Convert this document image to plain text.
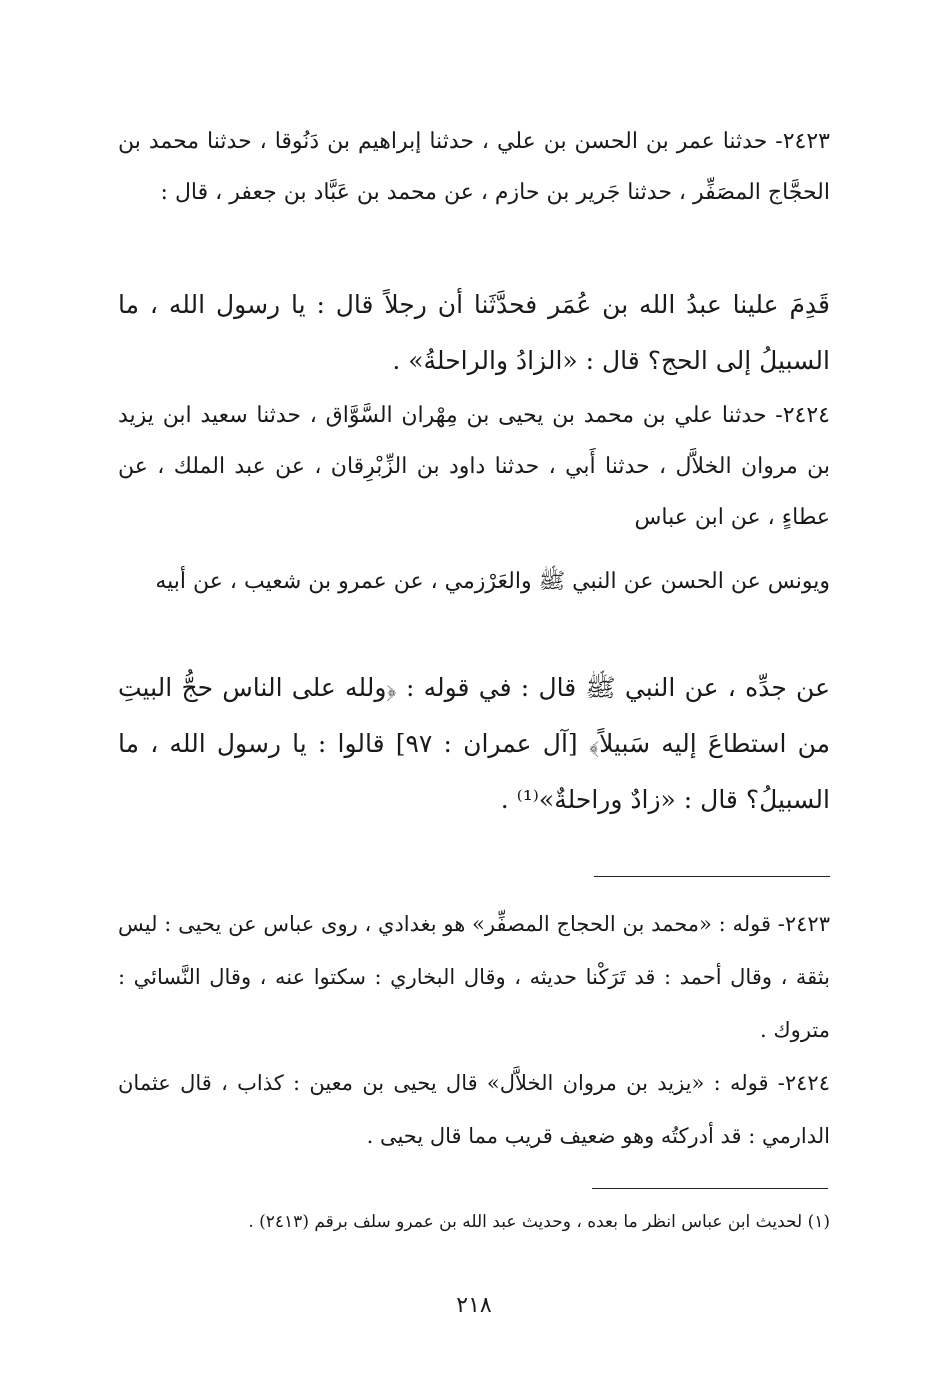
٢٤٢٣- حدثنا عمر بن الحسن بن علي ، حدثنا إبراهيم بن دَنُوقا ، حدثنا محمد بن الحجَّاج المصَفِّر ، حدثنا جَرير بن حازم ، عن محمد بن عَبَّاد بن جعفر ، قال :

قَدِمَ علينا عبدُ الله بن عُمَر فحدَّثَنا أن رجلاً قال : يا رسول الله ، ما السبيلُ إلى الحج؟ قال : «الزادُ والراحلةُ» .

٢٤٢٤- حدثنا علي بن محمد بن يحيى بن مِهْران السَّوَّاق ، حدثنا سعيد ابن يزيد بن مروان الخلاَّل ، حدثنا أَبي ، حدثنا داود بن الزِّبْرِقان ، عن عبد الملك ، عن عطاءٍ ، عن ابن عباس

ويونس عن الحسن عن النبي ﷺ والعَرْزمي ، عن عمرو بن شعيب ، عن أبيه

عن جدِّه ، عن النبي ﷺ قال : في قوله : ﴿ولله على الناس حجُّ البيتِ من استطاعَ إليه سَبيلاً﴾ [آل عمران : ٩٧] قالوا : يا رسول الله ، ما السبيلُ؟ قال : «زادٌ وراحلةٌ»⁽¹⁾ .

٢٤٢٣- قوله : «محمد بن الحجاج المصفِّر» هو بغدادي ، روى عباس عن يحيى : ليس بثقة ، وقال أحمد : قد تَرَكْنا حديثه ، وقال البخاري : سكتوا عنه ، وقال النَّسائي : متروك .

٢٤٢٤- قوله : «يزيد بن مروان الخلاَّل» قال يحيى بن معين : كذاب ، قال عثمان الدارمي : قد أدركتُه وهو ضعيف قريب مما قال يحيى .

(١) لحديث ابن عباس انظر ما بعده ، وحديث عبد الله بن عمرو سلف برقم (٢٤١٣) .

٢١٨
